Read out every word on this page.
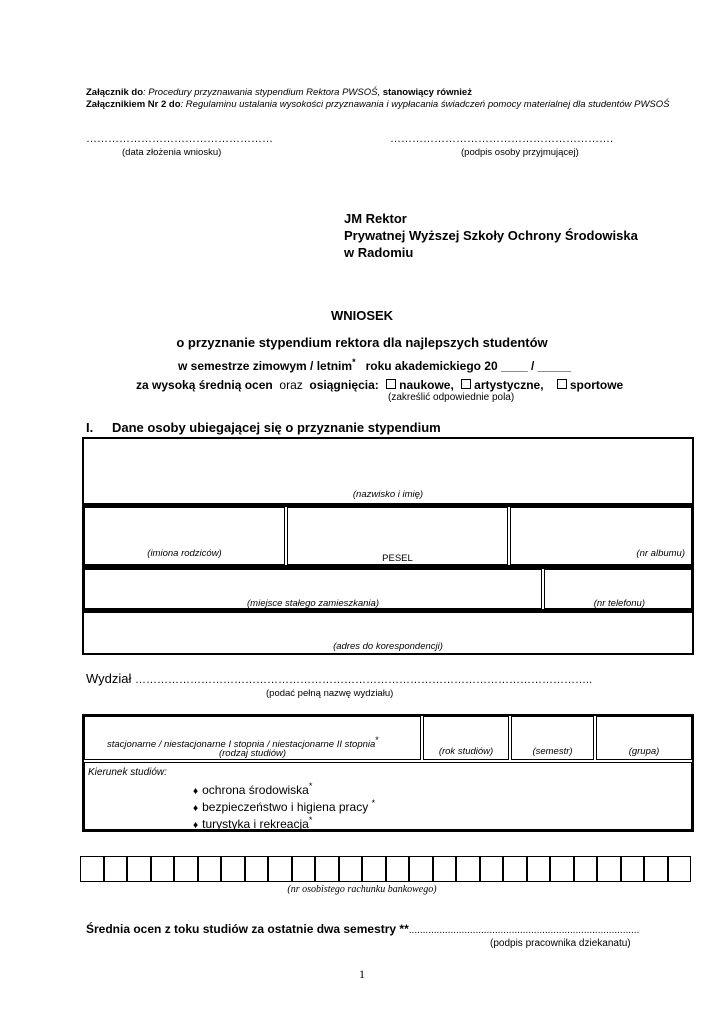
Załącznik do: Procedury przyznawania stypendium Rektora PWSOŚ, stanowiący również
Załącznikiem Nr 2 do: Regulaminu ustalania wysokości przyznawania i wypłacania świadczeń pomocy materialnej dla studentów PWSOŚ
……………………………………………
(data złożenia wniosku)
…………………………………………………….
(podpis osoby przyjmującej)
JM Rektor
Prywatnej Wyższej Szkoły Ochrony Środowiska
w Radomiu
WNIOSEK
o przyznanie stypendium rektora dla najlepszych studentów
w semestrze zimowym / letnim* roku akademickiego 20 ____ / _____
za wysoką średnią ocen oraz osiągnięcia: naukowe, artystyczne, sportowe
(zakreślić odpowiednie pola)
I. Dane osoby ubiegającej się o przyznanie stypendium
(nazwisko i imię)
(imiona rodziców)	PESEL	(nr albumu)
(miejsce stałego zamieszkania)	(nr telefonu)
(adres do korespondencji)
Wydział ……………………………………………………………………………………………………………..
(podać pełną nazwę wydziału)
stacjonarne / niestacjonarne I stopnia / niestacjonarne II stopnia*
(rodzaj studiów)	(rok studiów)	(semestr)	(grupa)
Kierunek studiów:
♦ ochrona środowiska*
♦ bezpieczeństwo i higiena pracy *
♦ turystyka i rekreacja*
(nr osobistego rachunku bankowego)
Średnia ocen z toku studiów za ostatnie dwa semestry **...................................................................................
(podpis pracownika dziekanatu)
1
